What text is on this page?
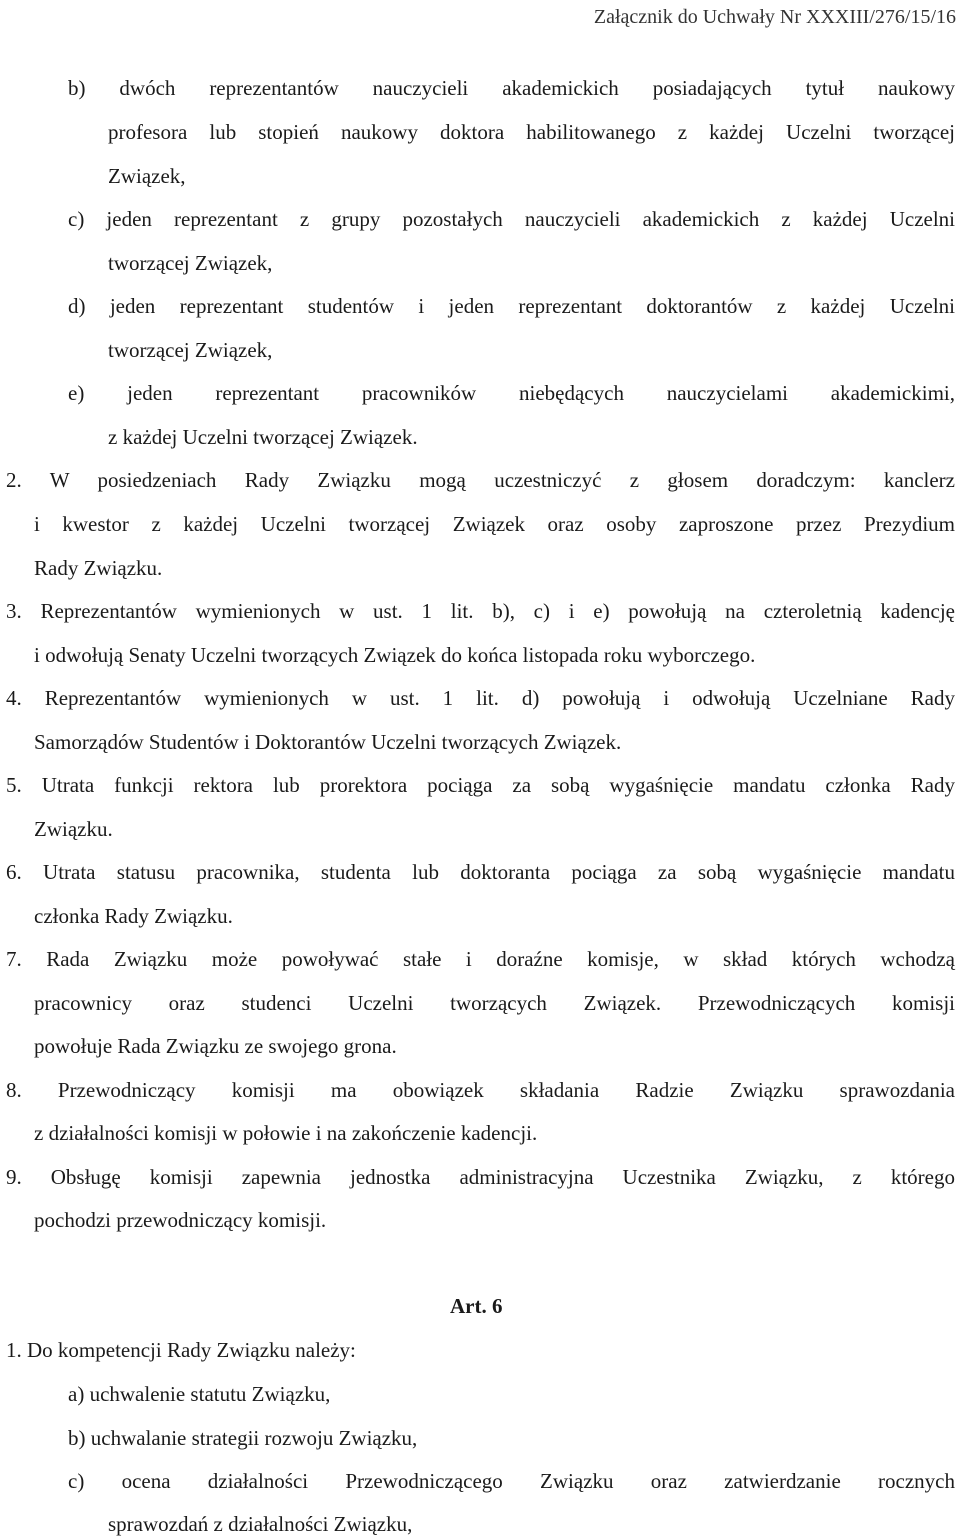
Załącznik do Uchwały Nr XXXIII/276/15/16
b) dwóch reprezentantów nauczycieli akademickich posiadających tytuł naukowy
profesora lub stopień naukowy doktora habilitowanego z każdej Uczelni tworzącej
Związek,
c) jeden reprezentant z grupy pozostałych nauczycieli akademickich z każdej Uczelni
tworzącej Związek,
d) jeden reprezentant studentów i jeden reprezentant doktorantów z każdej Uczelni
tworzącej Związek,
e) jeden reprezentant pracowników niebędących nauczycielami akademickimi,
z każdej Uczelni tworzącej Związek.
2. W posiedzeniach Rady Związku mogą uczestniczyć z głosem doradczym: kanclerz
i kwestor z każdej Uczelni tworzącej Związek oraz osoby zaproszone przez Prezydium
Rady Związku.
3. Reprezentantów wymienionych w ust. 1 lit. b), c) i e) powołują na czteroletnią kadencję
i odwołują Senaty Uczelni tworzących Związek do końca listopada roku wyborczego.
4. Reprezentantów wymienionych w ust. 1 lit. d) powołują i odwołują Uczelniane Rady
Samorządów Studentów i Doktorantów Uczelni tworzących Związek.
5. Utrata funkcji rektora lub prorektora pociąga za sobą wygaśnięcie mandatu członka Rady
Związku.
6. Utrata statusu pracownika, studenta lub doktoranta pociąga za sobą wygaśnięcie mandatu
członka Rady Związku.
7. Rada Związku może powoływać stałe i doraźne komisje, w skład których wchodzą
pracownicy oraz studenci Uczelni tworzących Związek. Przewodniczących komisji
powołuje Rada Związku ze swojego grona.
8. Przewodniczący komisji ma obowiązek składania Radzie Związku sprawozdania
z działalności komisji w połowie i na zakończenie kadencji.
9. Obsługę komisji zapewnia jednostka administracyjna Uczestnika Związku, z którego
pochodzi przewodniczący komisji.
Art. 6
1. Do kompetencji Rady Związku należy:
a) uchwalenie statutu Związku,
b) uchwalanie strategii rozwoju Związku,
c) ocena działalności Przewodniczącego Związku oraz zatwierdzanie rocznych
sprawozdań z działalności Związku,
